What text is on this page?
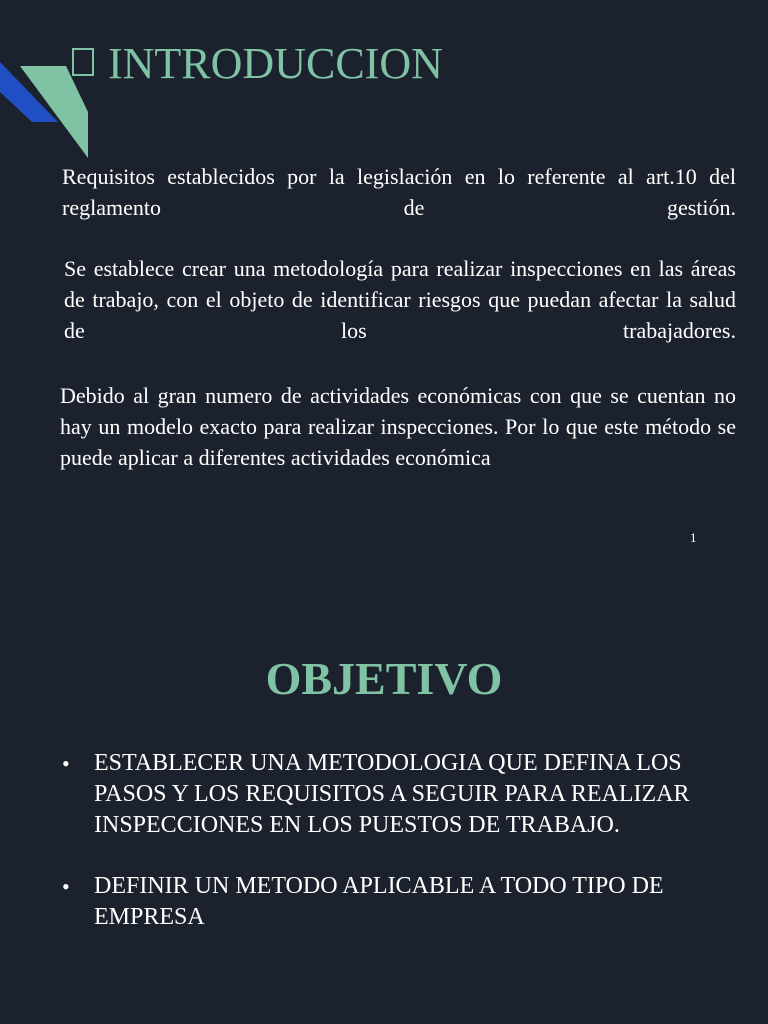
INTRODUCCION

Requisitos establecidos por la legislación en lo referente al art.10 del reglamento de gestión.

Se establece crear una metodología para realizar inspecciones en las áreas de trabajo, con el objeto de identificar riesgos que puedan afectar la salud de los trabajadores.

Debido al gran numero de actividades económicas con que se cuentan no hay un modelo exacto para realizar inspecciones. Por lo que este método se puede aplicar a diferentes actividades económica

1
OBJETIVO
• ESTABLECER UNA METODOLOGIA QUE DEFINA LOS PASOS Y LOS REQUISITOS A SEGUIR PARA REALIZAR INSPECCIONES EN LOS PUESTOS DE TRABAJO.
• DEFINIR UN METODO APLICABLE A TODO TIPO DE EMPRESA
